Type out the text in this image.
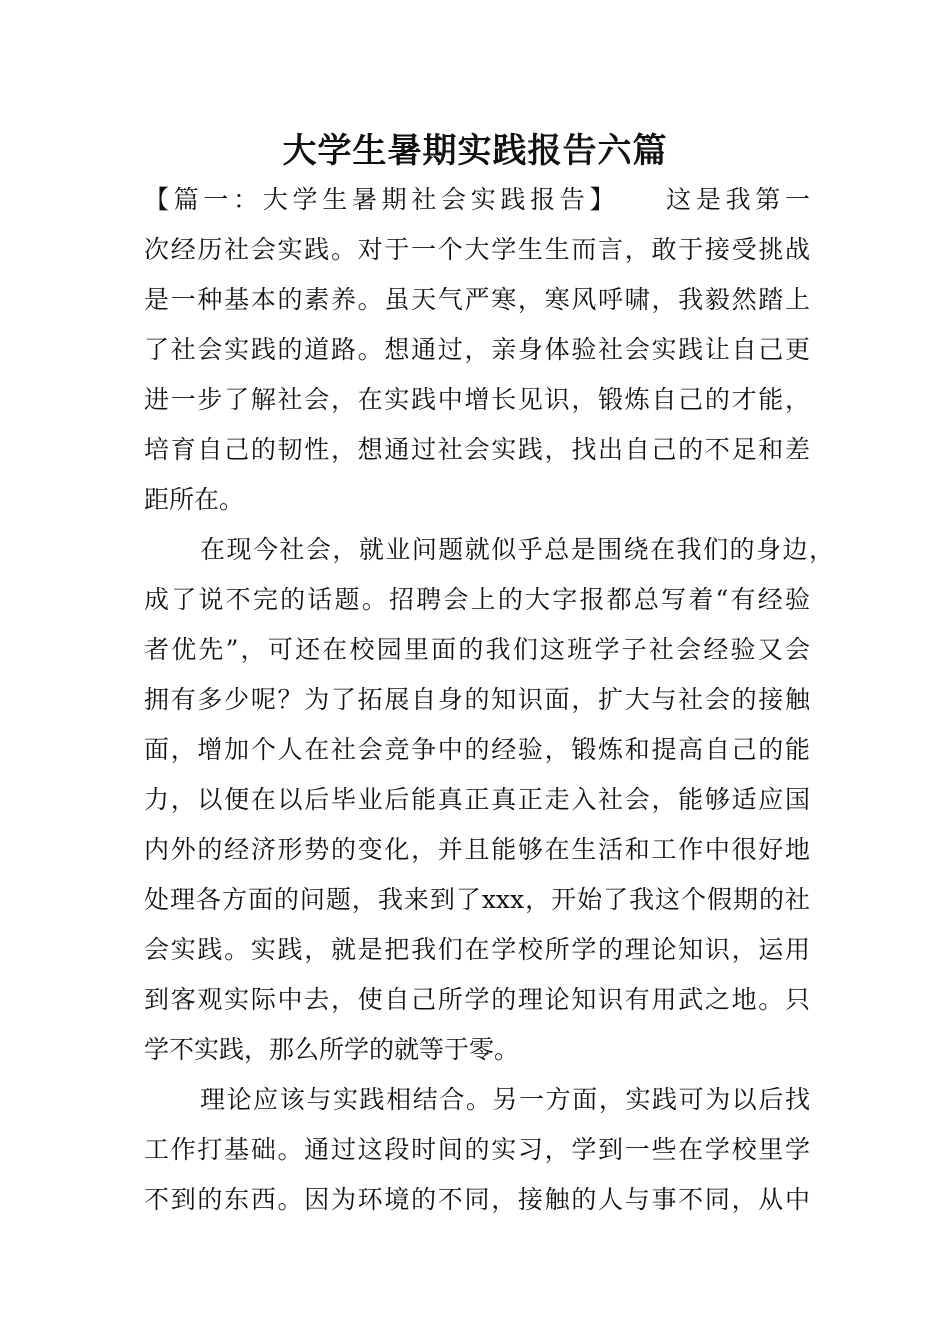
大学生暑期实践报告六篇
【篇一：大学生暑期社会实践报告】　　这是我第一
次经历社会实践。对于一个大学生生而言，敢于接受挑战
是一种基本的素养。虽天气严寒，寒风呼啸，我毅然踏上
了社会实践的道路。想通过，亲身体验社会实践让自己更
进一步了解社会，在实践中增长见识，锻炼自己的才能，
培育自己的韧性，想通过社会实践，找出自己的不足和差
距所在。
在现今社会，就业问题就似乎总是围绕在我们的身边，
成了说不完的话题。招聘会上的大字报都总写着“有经验
者优先”，可还在校园里面的我们这班学子社会经验又会
拥有多少呢？为了拓展自身的知识面，扩大与社会的接触
面，增加个人在社会竞争中的经验，锻炼和提高自己的能
力，以便在以后毕业后能真正真正走入社会，能够适应国
内外的经济形势的变化，并且能够在生活和工作中很好地
处理各方面的问题，我来到了xxx，开始了我这个假期的社
会实践。实践，就是把我们在学校所学的理论知识，运用
到客观实际中去，使自己所学的理论知识有用武之地。只
学不实践，那么所学的就等于零。
理论应该与实践相结合。另一方面，实践可为以后找
工作打基础。通过这段时间的实习，学到一些在学校里学
不到的东西。因为环境的不同，接触的人与事不同，从中
